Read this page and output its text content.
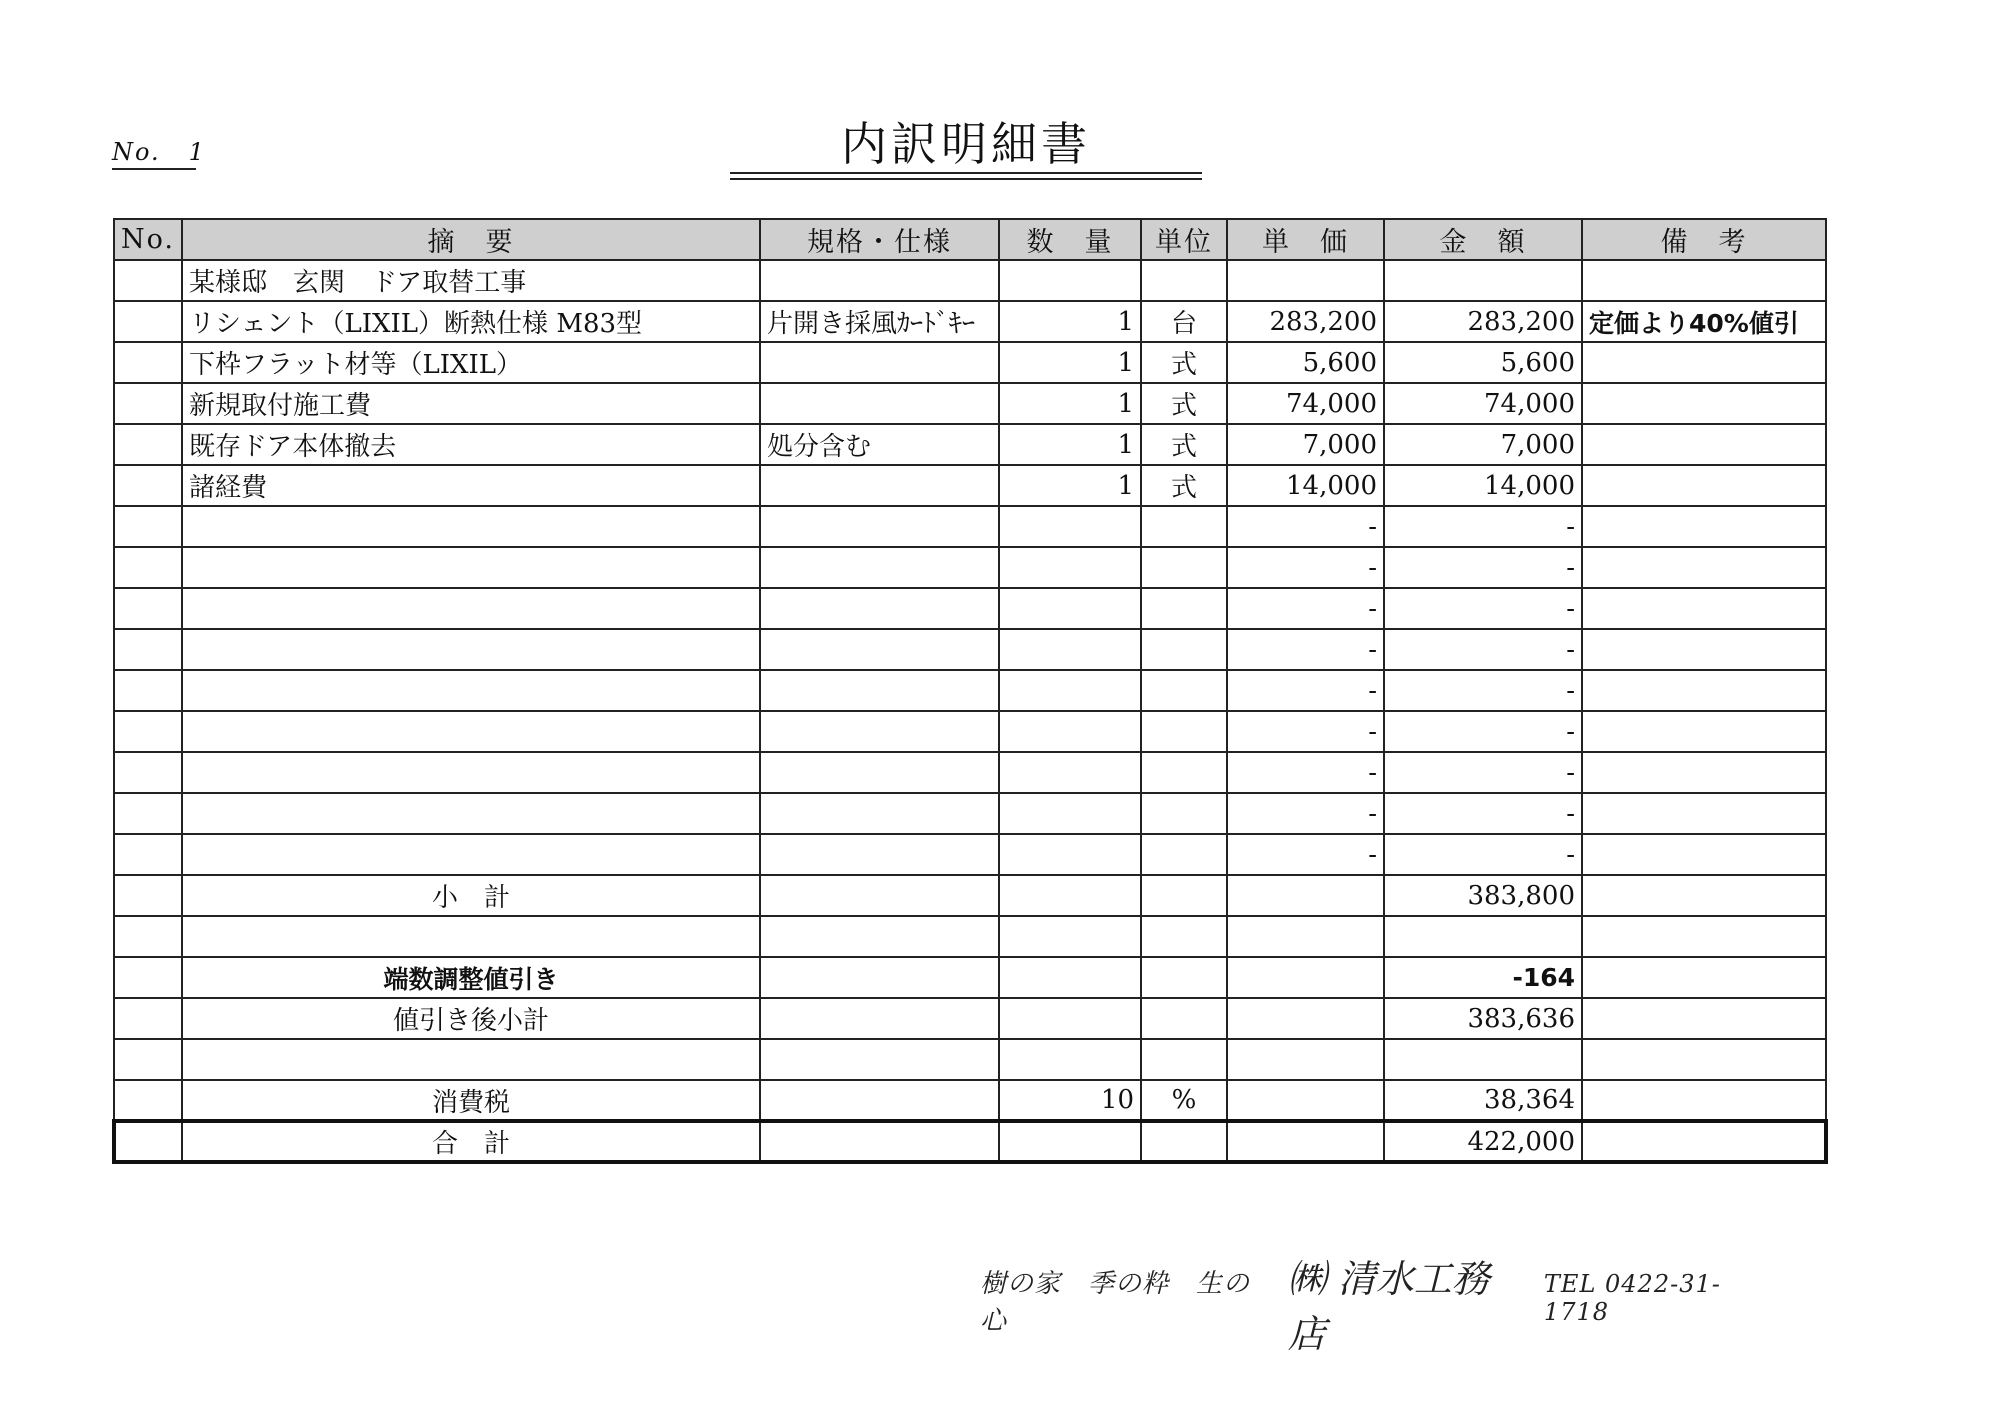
No. 1	内訳明細書
No.	摘　要	規格・仕様	数　量	単位	単　価	金　額	備　考
	某様邸　玄関　ドア取替工事						
	リシェント（LIXIL）断熱仕様 M83型	片開き採風ｶｰﾄﾞｷｰ	1	台	283,200	283,200	定価より40%値引
	下枠フラット材等（LIXIL）		1	式	5,600	5,600	
	新規取付施工費		1	式	74,000	74,000	
	既存ドア本体撤去	処分含む	1	式	7,000	7,000	
	諸経費		1	式	14,000	14,000	
					-	-	
					-	-	
					-	-	
					-	-	
					-	-	
					-	-	
					-	-	
					-	-	
					-	-	
	小　計					383,800	

	端数調整値引き					-164	
	値引き後小計					383,636	

	消費税		10	%		38,364	
	合　計					422,000	
樹の家　季の粋　生の心
㈱ 清水工務店
TEL 0422-31-1718
